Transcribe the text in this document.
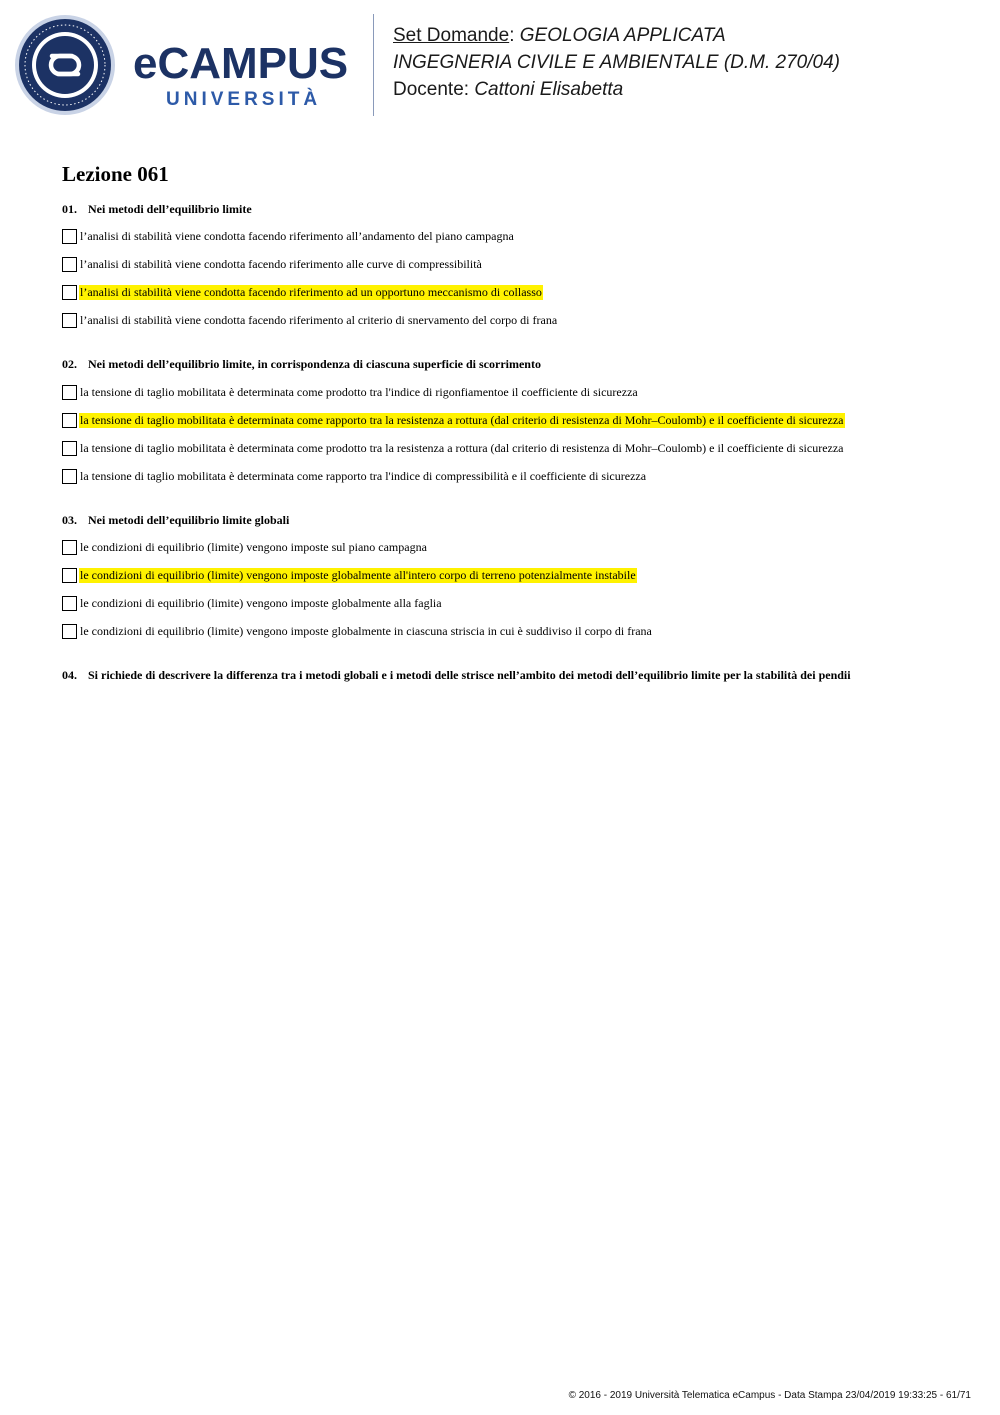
eCAMPUS
UNIVERSITÀ
Set Domande: GEOLOGIA APPLICATA
INGEGNERIA CIVILE E AMBIENTALE (D.M. 270/04)
Docente: Cattoni Elisabetta
Lezione 061
01. Nei metodi dell’equilibrio limite
l’analisi di stabilità viene condotta facendo riferimento all’andamento del piano campagna
l’analisi di stabilità viene condotta facendo riferimento alle curve di compressibilità
l’analisi di stabilità viene condotta facendo riferimento ad un opportuno meccanismo di collasso
l’analisi di stabilità viene condotta facendo riferimento al criterio di snervamento del corpo di frana
02. Nei metodi dell’equilibrio limite, in corrispondenza di ciascuna superficie di scorrimento
la tensione di taglio mobilitata è determinata come prodotto tra l'indice di rigonfiamentoe il coefficiente di sicurezza
la tensione di taglio mobilitata è determinata come rapporto tra la resistenza a rottura (dal criterio di resistenza di Mohr–Coulomb) e il coefficiente di sicurezza
la tensione di taglio mobilitata è determinata come prodotto tra la resistenza a rottura (dal criterio di resistenza di Mohr–Coulomb) e il coefficiente di sicurezza
la tensione di taglio mobilitata è determinata come rapporto tra l'indice di compressibilità e il coefficiente di sicurezza
03. Nei metodi dell’equilibrio limite globali
le condizioni di equilibrio (limite) vengono imposte sul piano campagna
le condizioni di equilibrio (limite) vengono imposte globalmente all'intero corpo di terreno potenzialmente instabile
le condizioni di equilibrio (limite) vengono imposte globalmente alla faglia
le condizioni di equilibrio (limite) vengono imposte globalmente in ciascuna striscia in cui è suddiviso il corpo di frana
04. Si richiede di descrivere la differenza tra i metodi globali e i metodi delle strisce nell’ambito dei metodi dell’equilibrio limite per la stabilità dei pendii
© 2016 - 2019 Università Telematica eCampus - Data Stampa 23/04/2019 19:33:25 - 61/71
